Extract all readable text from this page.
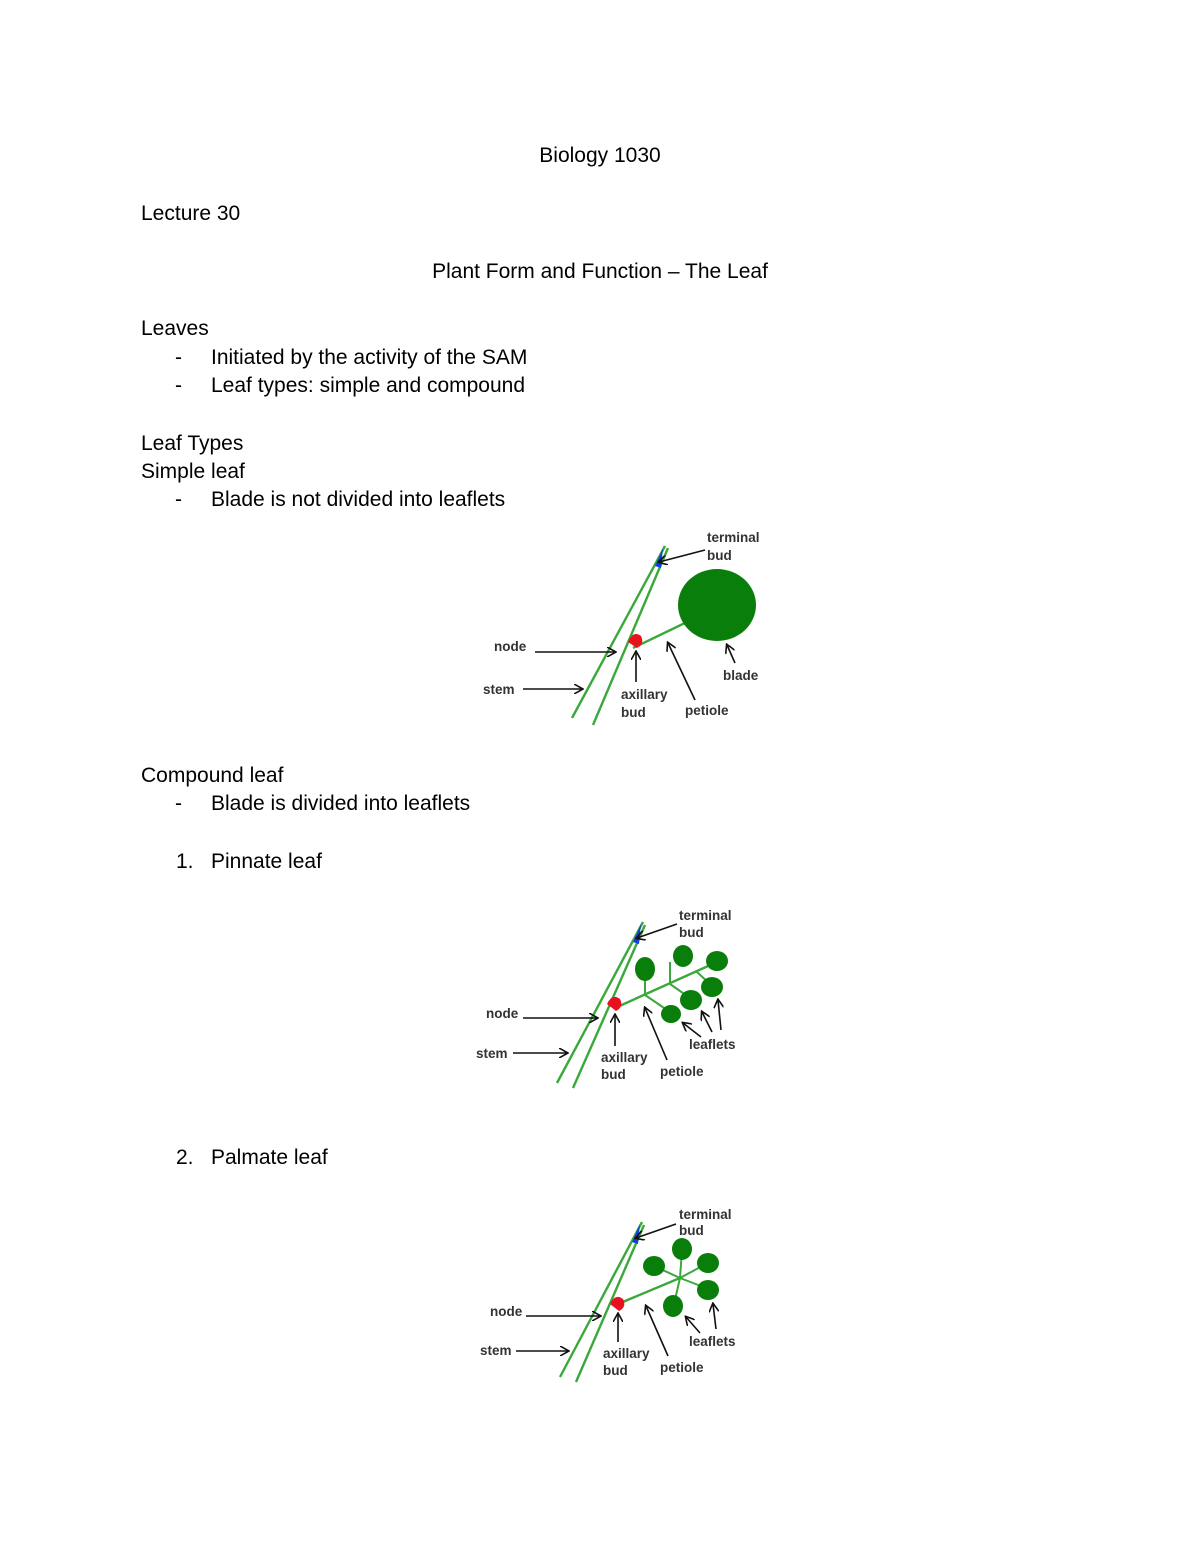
Biology 1030
Lecture 30
Plant Form and Function – The Leaf
Leaves
- Initiated by the activity of the SAM
- Leaf types: simple and compound
Leaf Types
Simple leaf
- Blade is not divided into leaflets
terminal
bud
node
stem	axillary
bud	petiole
blade
Compound leaf
- Blade is divided into leaflets
1. Pinnate leaf
terminal
bud
node
stem	axillary
bud	petiole
leaflets
2. Palmate leaf
terminal
bud
node
stem	axillary
bud petiole
leaflets
